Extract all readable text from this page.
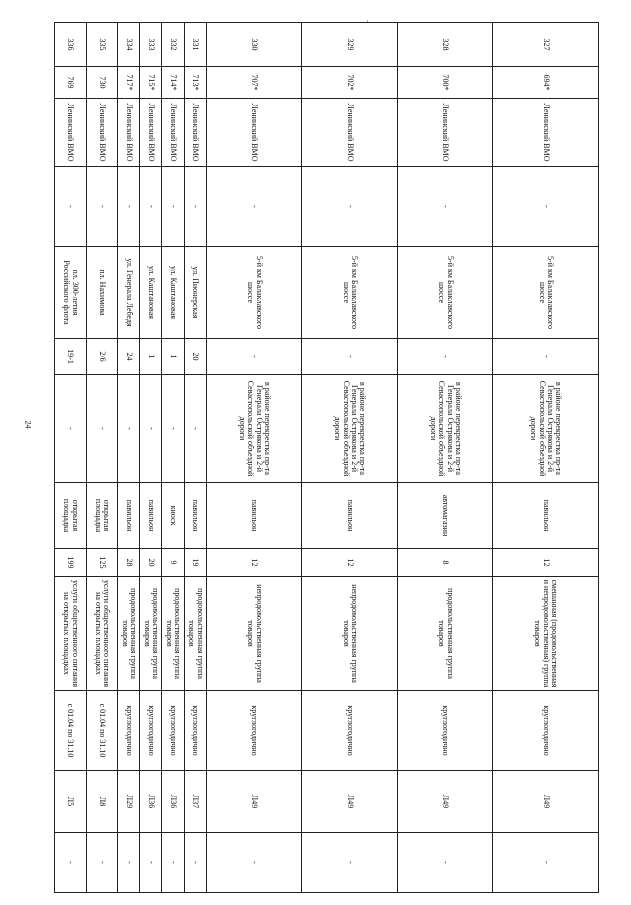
24
'
327	694*	Ленинский ВМО	-	5-й км Балаклавского шоссе	-	в районе перекрестка пр-та Генерала Острякова и 2-й Севастопольской объездной дороги	павильон	12	смешанная (продовольственная и непродовольственная) группа товаров	круглогодично	Л49	-
328	700*	Ленинский ВМО	-	5-й км Балаклавского шоссе	-	в районе перекрестка пр-та Генерала Острякова и 2-й Севастопольской объездной дороги	автомагазин	8	продовольственная группа товаров	круглогодично	Л49	-
329	702*	Ленинский ВМО	-	5-й км Балаклавского шоссе	-	в районе перекрестка пр-та Генерала Острякова и 2-й Севастопольской объездной дороги	павильон	12	непродовольственная группа товаров	круглогодично	Л49	-
330	707*	Ленинский ВМО	-	5-й км Балаклавского шоссе	-	в районе перекрестка пр-та Генерала Острякова и 2-й Севастопольской объездной дороги	павильон	12	непродовольственная группа товаров	круглогодично	Л49	-
331	713*	Ленинский ВМО	-	ул. Пионерская	20	-	павильон	19	продовольственная группа товаров	круглогодично	Л37	-
332	714*	Ленинский ВМО	-	ул. Каштановая	1	-	киоск	9	продовольственная группа товаров	круглогодично	Л36	-
333	715*	Ленинский ВМО	-	ул. Каштановая	1	-	павильон	20	продовольственная группа товаров	круглогодично	Л36	-
334	717*	Ленинский ВМО	-	ул. Генерала Лебедя	24	-	павильон	28	продовольственная группа товаров	круглогодично	Л29	-
335	730	Ленинский ВМО	-	пл. Нахимова	2/6	-	открытая площадка	125	услуги общественного питания на открытых площадках	с 01.04 по 31.10	Л8	-
336	769	Ленинский ВМО	-	пл. 300-летия Российского флота	19-1	-	открытая площадка	199	услуги общественного питания на открытых площадках	с 01.04 по 31.10	Л5	-
